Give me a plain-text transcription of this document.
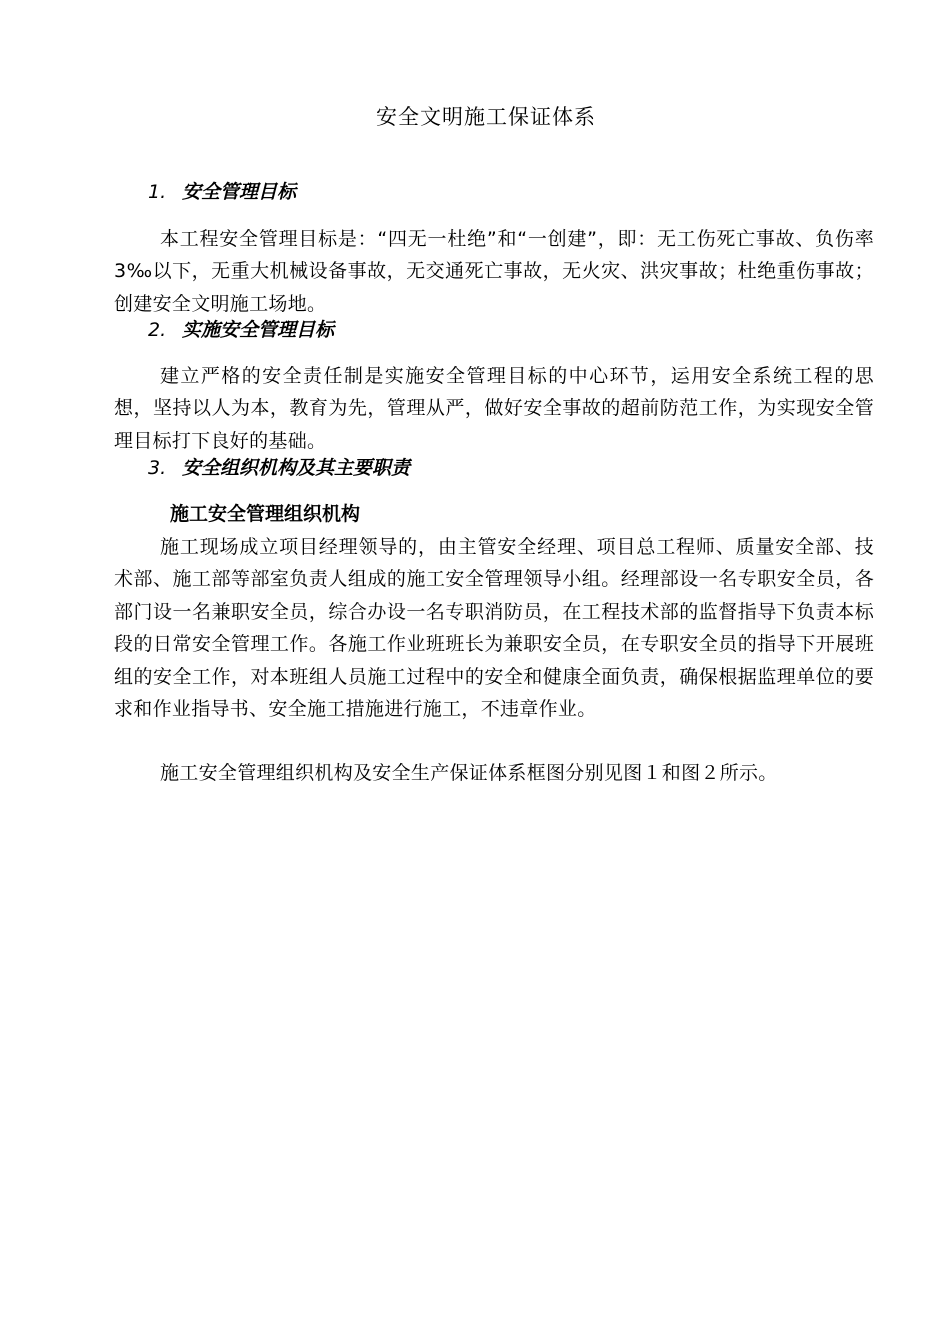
安全文明施工保证体系
1. 安全管理目标
本工程安全管理目标是：“四无一杜绝”和“一创建”，即：无工伤死亡事故、负伤率3‰以下，无重大机械设备事故，无交通死亡事故，无火灾、洪灾事故；杜绝重伤事故；创建安全文明施工场地。
2. 实施安全管理目标
建立严格的安全责任制是实施安全管理目标的中心环节，运用安全系统工程的思想，坚持以人为本，教育为先，管理从严，做好安全事故的超前防范工作，为实现安全管理目标打下良好的基础。
3. 安全组织机构及其主要职责
施工安全管理组织机构
施工现场成立项目经理领导的，由主管安全经理、项目总工程师、质量安全部、技术部、施工部等部室负责人组成的施工安全管理领导小组。经理部设一名专职安全员，各部门设一名兼职安全员，综合办设一名专职消防员，在工程技术部的监督指导下负责本标段的日常安全管理工作。各施工作业班班长为兼职安全员，在专职安全员的指导下开展班组的安全工作，对本班组人员施工过程中的安全和健康全面负责，确保根据监理单位的要求和作业指导书、安全施工措施进行施工，不违章作业。
施工安全管理组织机构及安全生产保证体系框图分别见图１和图２所示。
